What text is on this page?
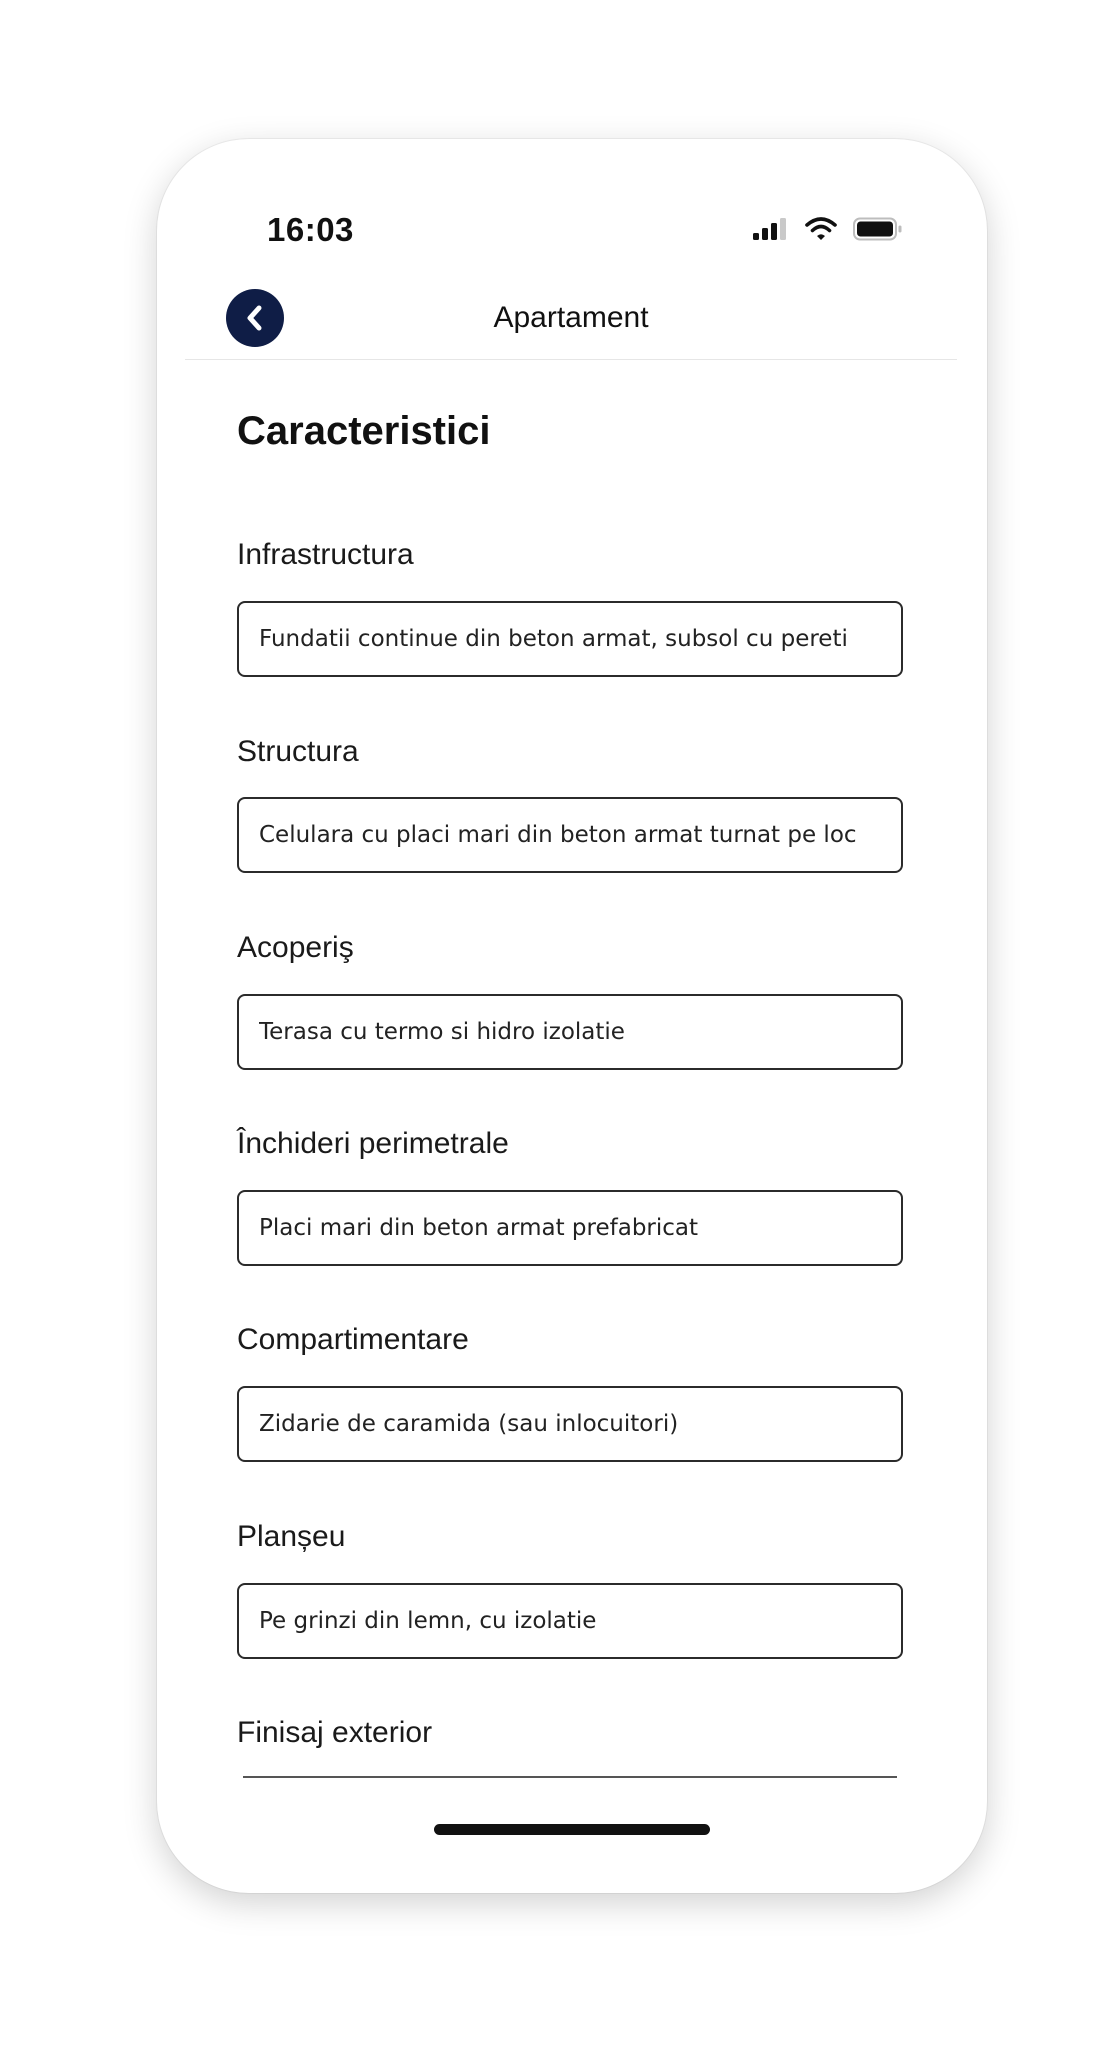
16:03
Apartament
Caracteristici
Infrastructura
Fundatii continue din beton armat, subsol cu pereti
Structura
Celulara cu placi mari din beton armat turnat pe loc
Acoperiş
Terasa cu termo si hidro izolatie
Închideri perimetrale
Placi mari din beton armat prefabricat
Compartimentare
Zidarie de caramida (sau inlocuitori)
Planșeu
Pe grinzi din lemn, cu izolatie
Finisaj exterior
